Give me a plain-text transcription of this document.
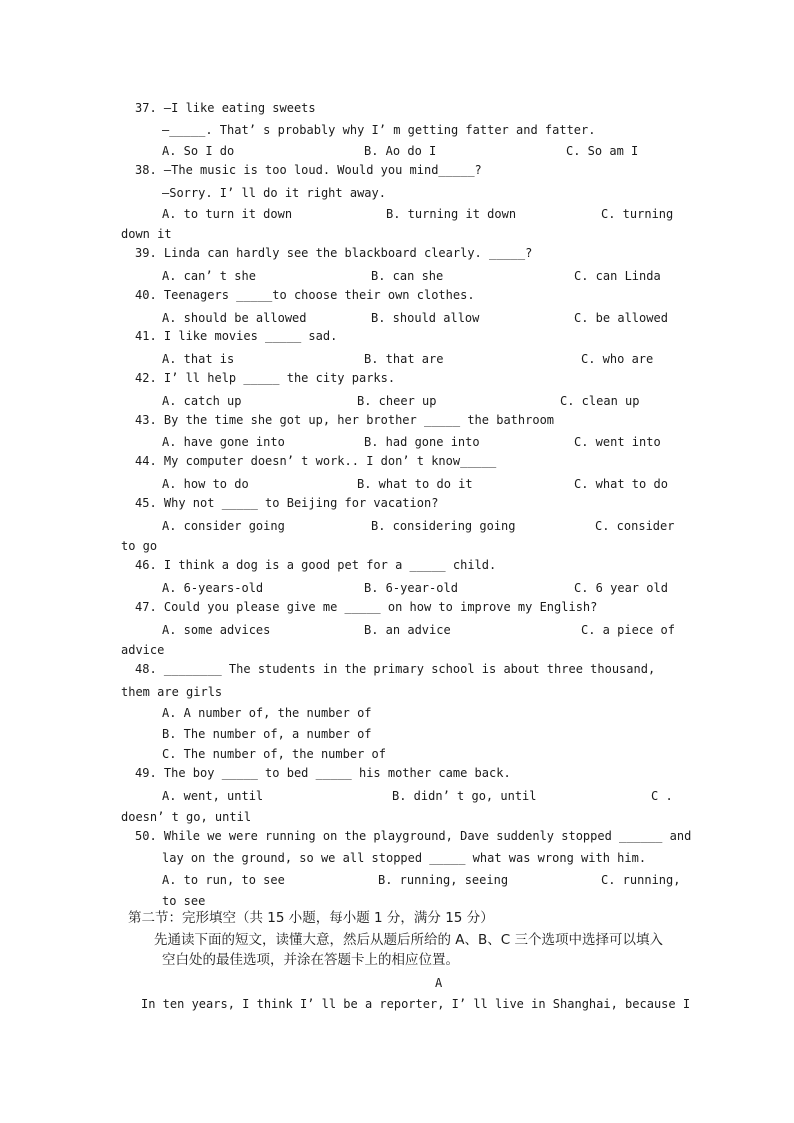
37. —I like eating sweets
—_____. That’ s probably why I’ m getting fatter and fatter.
A. So I do	B. Ao do I	C. So am I
38. —The music is too loud. Would you mind_____?
—Sorry. I’ ll do it right away.
A. to turn it down	B. turning it down	C. turning
down it
39. Linda can hardly see the blackboard clearly. _____?
A. can’ t she	B. can she	C. can Linda
40. Teenagers _____to choose their own clothes.
A. should be allowed	B. should allow	C. be allowed
41. I like movies _____ sad.
A. that is	B. that are	C. who are
42. I’ ll help _____ the city parks.
A. catch up	B. cheer up	C. clean up
43. By the time she got up, her brother _____ the bathroom
A. have gone into	B. had gone into	C. went into
44. My computer doesn’ t work.. I don’ t know_____
A. how to do	B. what to do it	C. what to do
45. Why not _____ to Beijing for vacation?
A. consider going	B. considering going	C. consider
to go
46. I think a dog is a good pet for a _____ child.
A. 6-years-old	B. 6-year-old	C. 6 year old
47. Could you please give me _____ on how to improve my English?
A. some advices	B. an advice	C. a piece of
advice
48. ________ The students in the primary school is about three thousand,
them are girls
A. A number of, the number of
B. The number of, a number of
C. The number of, the number of
49. The boy _____ to bed _____ his mother came back.
A. went, until	B. didn’ t go, until	C .
doesn’ t go, until
50. While we were running on the playground, Dave suddenly stopped ______ and
lay on the ground, so we all stopped _____ what was wrong with him.
A. to run, to see	B. running, seeing	C. running,
to see
第二节：完形填空（共 15 小题，每小题 1 分，满分 15 分）
先通读下面的短文，读懂大意，然后从题后所给的 A、B、C 三个选项中选择可以填入
空白处的最佳选项，并涂在答题卡上的相应位置。
A
In ten years, I think I’ ll be a reporter, I’ ll live in Shanghai, because I
